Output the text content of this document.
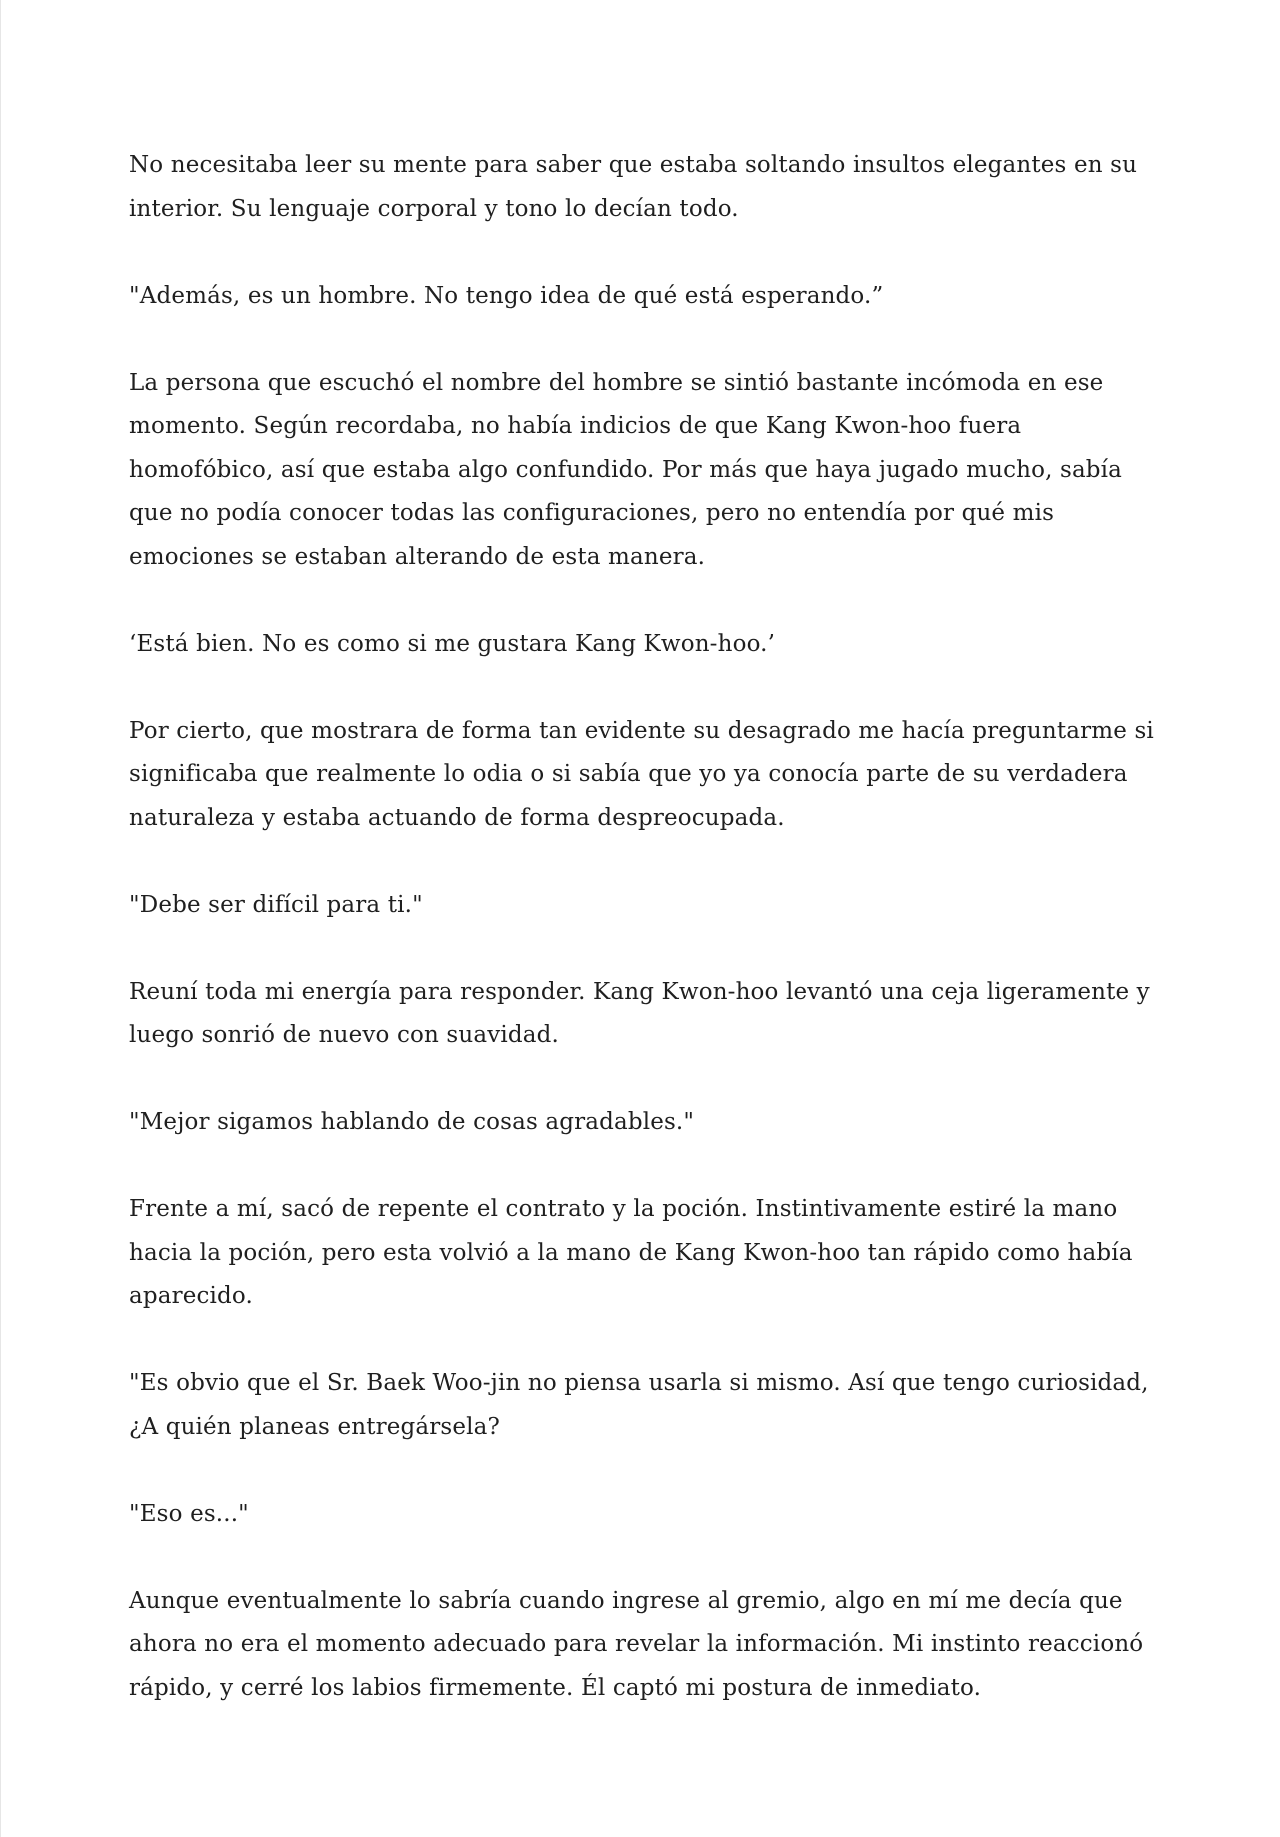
No necesitaba leer su mente para saber que estaba soltando insultos elegantes en su interior. Su lenguaje corporal y tono lo decían todo.

"Además, es un hombre. No tengo idea de qué está esperando.”

La persona que escuchó el nombre del hombre se sintió bastante incómoda en ese momento. Según recordaba, no había indicios de que Kang Kwon-hoo fuera homofóbico, así que estaba algo confundido. Por más que haya jugado mucho, sabía que no podía conocer todas las configuraciones, pero no entendía por qué mis emociones se estaban alterando de esta manera.

‘Está bien. No es como si me gustara Kang Kwon-hoo.’

Por cierto, que mostrara de forma tan evidente su desagrado me hacía preguntarme si significaba que realmente lo odia o si sabía que yo ya conocía parte de su verdadera naturaleza y estaba actuando de forma despreocupada.

"Debe ser difícil para ti."

Reuní toda mi energía para responder. Kang Kwon-hoo levantó una ceja ligeramente y luego sonrió de nuevo con suavidad.

"Mejor sigamos hablando de cosas agradables."

Frente a mí, sacó de repente el contrato y la poción. Instintivamente estiré la mano hacia la poción, pero esta volvió a la mano de Kang Kwon-hoo tan rápido como había aparecido.

"Es obvio que el Sr. Baek Woo-jin no piensa usarla si mismo. Así que tengo curiosidad, ¿A quién planeas entregársela?

"Eso es..."

Aunque eventualmente lo sabría cuando ingrese al gremio, algo en mí me decía que ahora no era el momento adecuado para revelar la información. Mi instinto reaccionó rápido, y cerré los labios firmemente. Él captó mi postura de inmediato.
